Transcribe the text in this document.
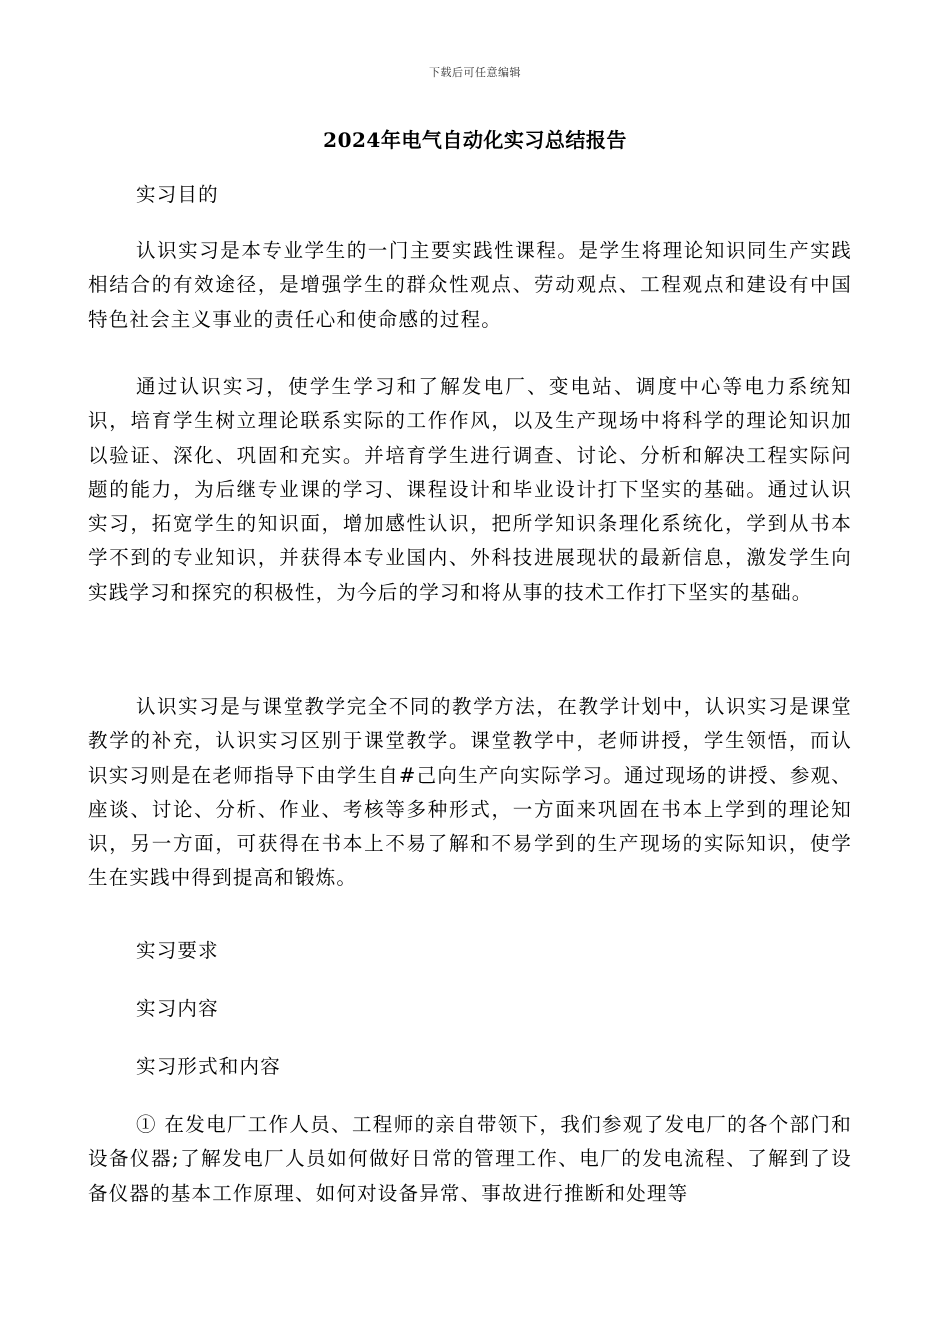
下载后可任意编辑
2024年电气自动化实习总结报告
实习目的
认识实习是本专业学生的一门主要实践性课程。是学生将理论知识同生产实践相结合的有效途径，是增强学生的群众性观点、劳动观点、工程观点和建设有中国特色社会主义事业的责任心和使命感的过程。
通过认识实习，使学生学习和了解发电厂、变电站、调度中心等电力系统知识，培育学生树立理论联系实际的工作作风，以及生产现场中将科学的理论知识加以验证、深化、巩固和充实。并培育学生进行调查、讨论、分析和解决工程实际问题的能力，为后继专业课的学习、课程设计和毕业设计打下坚实的基础。通过认识实习，拓宽学生的知识面，增加感性认识，把所学知识条理化系统化，学到从书本学不到的专业知识，并获得本专业国内、外科技进展现状的最新信息，激发学生向实践学习和探究的积极性，为今后的学习和将从事的技术工作打下坚实的基础。
认识实习是与课堂教学完全不同的教学方法，在教学计划中，认识实习是课堂教学的补充，认识实习区别于课堂教学。课堂教学中，老师讲授，学生领悟，而认识实习则是在老师指导下由学生自#己向生产向实际学习。通过现场的讲授、参观、座谈、讨论、分析、作业、考核等多种形式，一方面来巩固在书本上学到的理论知识，另一方面，可获得在书本上不易了解和不易学到的生产现场的实际知识，使学生在实践中得到提高和锻炼。
实习要求
实习内容
实习形式和内容
① 在发电厂工作人员、工程师的亲自带领下，我们参观了发电厂的各个部门和设备仪器;了解发电厂人员如何做好日常的管理工作、电厂的发电流程、了解到了设备仪器的基本工作原理、如何对设备异常、事故进行推断和处理等
